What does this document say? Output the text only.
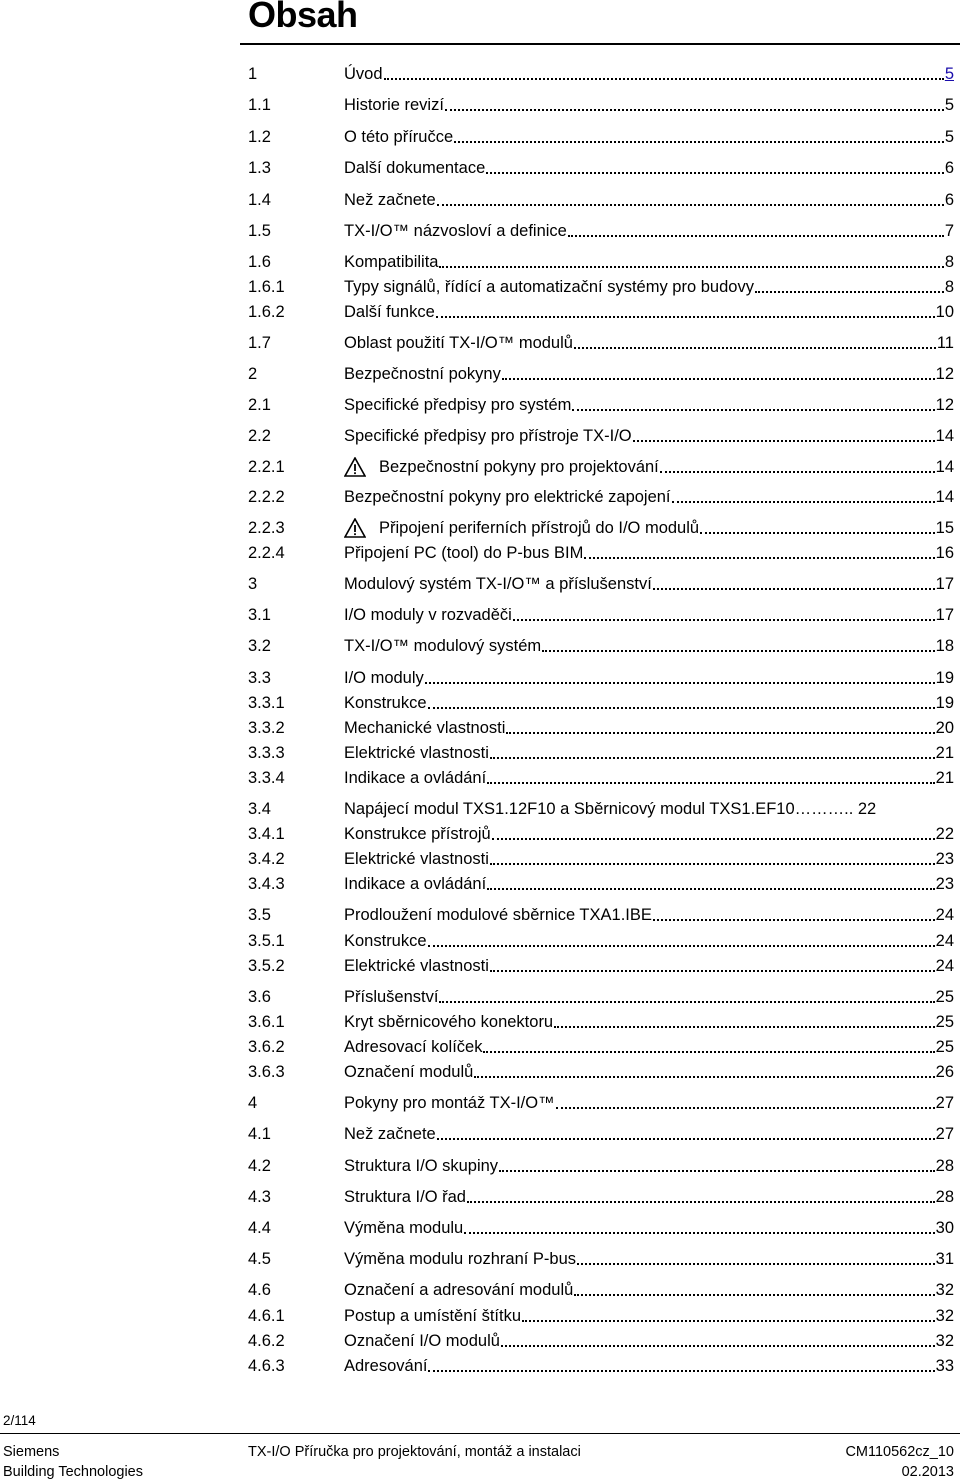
Obsah
1	Úvod	5
1.1	Historie revizí	5
1.2	O této příručce	5
1.3	Další dokumentace	6
1.4	Než začnete	6
1.5	TX-I/O™ názvosloví a definice	7
1.6	Kompatibilita	8
1.6.1	Typy signálů, řídící a automatizační systémy pro budovy	8
1.6.2	Další funkce	10
1.7	Oblast použití TX-I/O™ modulů	11
2	Bezpečnostní pokyny	12
2.1	Specifické předpisy pro systém	12
2.2	Specifické předpisy pro přístroje TX-I/O	14
2.2.1	Bezpečnostní pokyny pro projektování	14
2.2.2	Bezpečnostní pokyny pro elektrické zapojení	14
2.2.3	Připojení periferních přístrojů do I/O modulů	15
2.2.4	Připojení PC (tool) do P-bus BIM	16
3	Modulový systém TX-I/O™ a příslušenství	17
3.1	I/O moduly v rozvaděči	17
3.2	TX-I/O™ modulový systém	18
3.3	I/O moduly	19
3.3.1	Konstrukce	19
3.3.2	Mechanické vlastnosti	20
3.3.3	Elektrické vlastnosti	21
3.3.4	Indikace a ovládání	21
3.4	Napájecí modul TXS1.12F10 a Sběrnicový modul TXS1.EF10……….. 22
3.4.1	Konstrukce přístrojů	22
3.4.2	Elektrické vlastnosti	23
3.4.3	Indikace a ovládání	23
3.5	Prodloužení modulové sběrnice TXA1.IBE	24
3.5.1	Konstrukce	24
3.5.2	Elektrické vlastnosti	24
3.6	Příslušenství	25
3.6.1	Kryt sběrnicového konektoru	25
3.6.2	Adresovací kolíček	25
3.6.3	Označení modulů	26
4	Pokyny pro montáž TX-I/O™	27
4.1	Než začnete	27
4.2	Struktura I/O skupiny	28
4.3	Struktura I/O řad	28
4.4	Výměna modulu	30
4.5	Výměna modulu rozhraní P-bus	31
4.6	Označení a adresování modulů	32
4.6.1	Postup a umístění štítku	32
4.6.2	Označení I/O modulů	32
4.6.3	Adresování	33
2/114
Siemens
Building Technologies
TX-I/O Příručka pro projektování, montáž a instalaci	CM110562cz_10
02.2013
